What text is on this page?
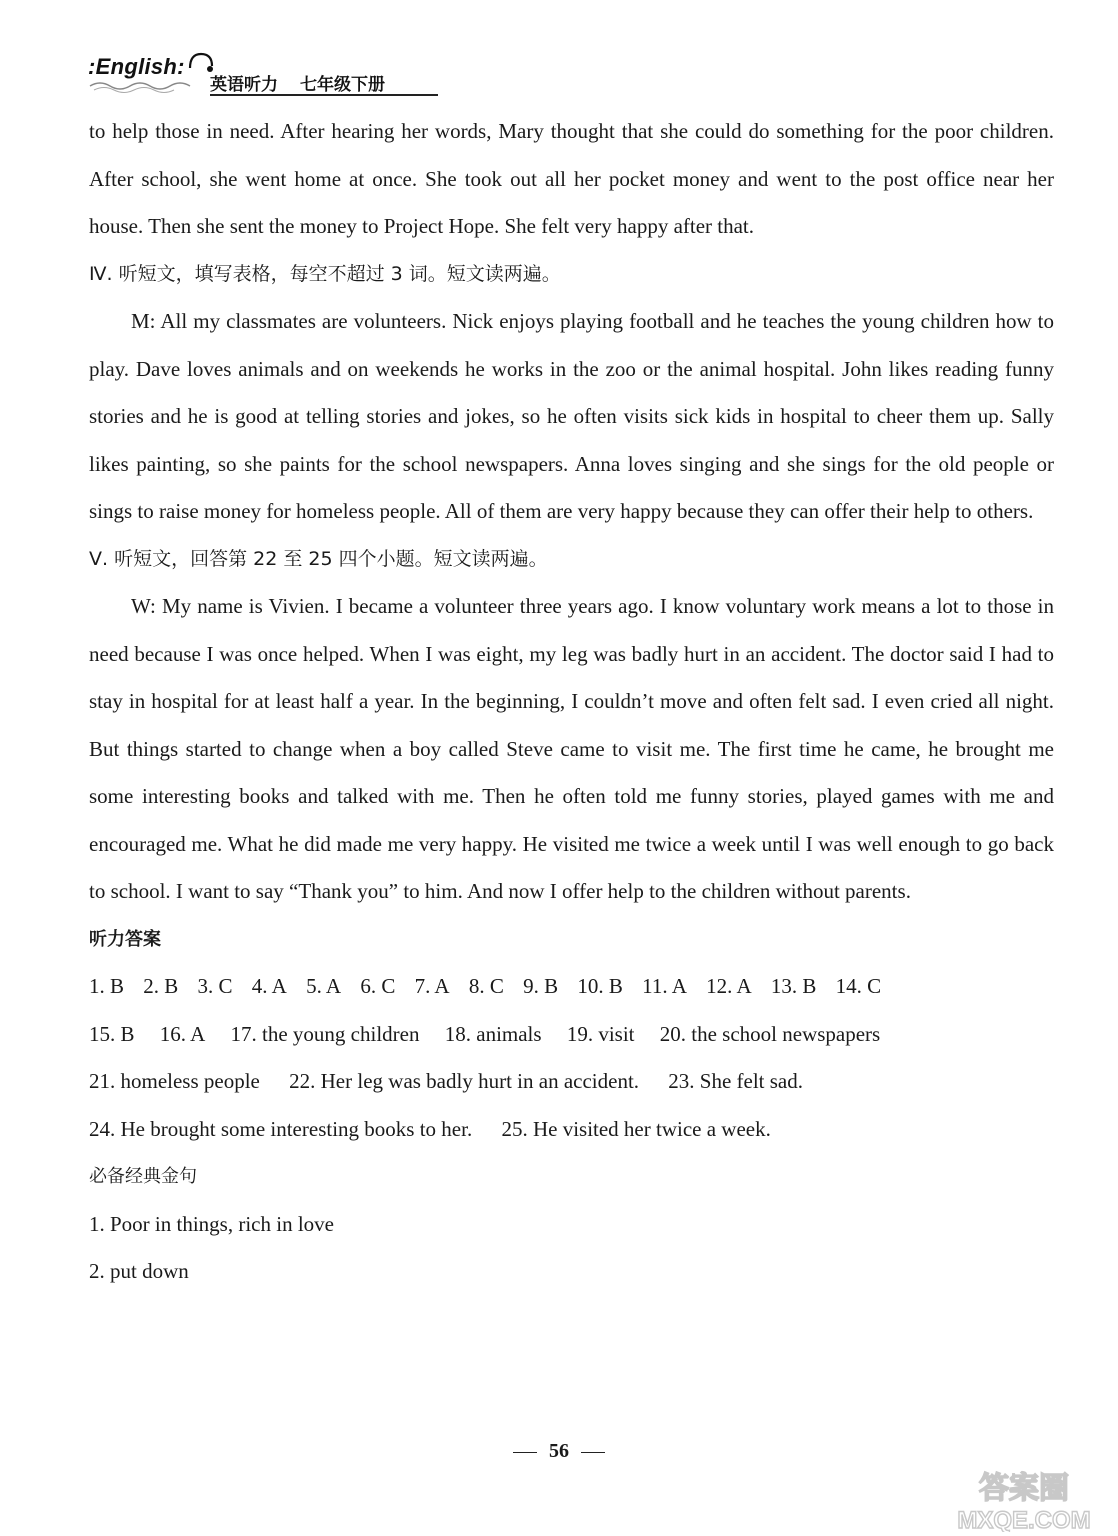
:English:
英语听力 七年级下册

to help those in need. After hearing her words, Mary thought that she could do something for the poor children. After school, she went home at once. She took out all her pocket money and went to the post office near her house. Then she sent the money to Project Hope. She felt very happy after that.

Ⅳ. 听短文，填写表格，每空不超过 3 词。短文读两遍。

M: All my classmates are volunteers. Nick enjoys playing football and he teaches the young children how to play. Dave loves animals and on weekends he works in the zoo or the animal hospital. John likes reading funny stories and he is good at telling stories and jokes, so he often visits sick kids in hospital to cheer them up. Sally likes painting, so she paints for the school newspapers. Anna loves singing and she sings for the old people or sings to raise money for homeless people. All of them are very happy because they can offer their help to others.

Ⅴ. 听短文，回答第 22 至 25 四个小题。短文读两遍。

W: My name is Vivien. I became a volunteer three years ago. I know voluntary work means a lot to those in need because I was once helped. When I was eight, my leg was badly hurt in an accident. The doctor said I had to stay in hospital for at least half a year. In the beginning, I couldn’t move and often felt sad. I even cried all night. But things started to change when a boy called Steve came to visit me. The first time he came, he brought me some interesting books and talked with me. Then he often told me funny stories, played games with me and encouraged me. What he did made me very happy. He visited me twice a week until I was well enough to go back to school. I want to say “Thank you” to him. And now I offer help to the children without parents.

听力答案

1. B 2. B 3. C 4. A 5. A 6. C 7. A 8. C 9. B 10. B 11. A 12. A 13. B 14. C

15. B 16. A 17. the young children 18. animals 19. visit 20. the school newspapers

21. homeless people 22. Her leg was badly hurt in an accident. 23. She felt sad.

24. He brought some interesting books to her. 25. He visited her twice a week.

必备经典金句

1. Poor in things, rich in love

2. put down

56
答案圈
MXQE.COM
